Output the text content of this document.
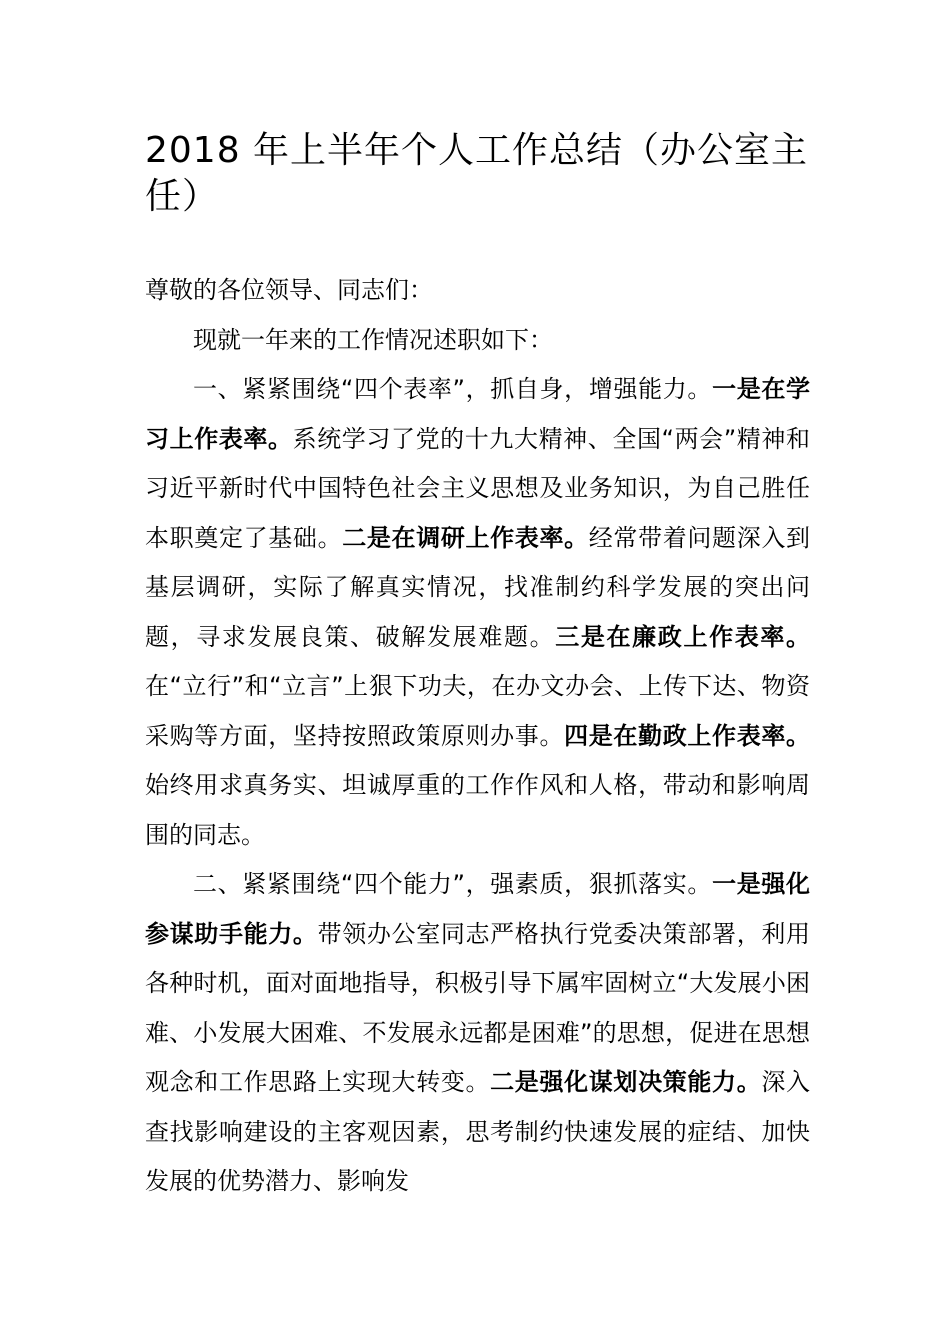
2018 年上半年个人工作总结（办公室主任）
尊敬的各位领导、同志们：

现就一年来的工作情况述职如下：

一、紧紧围绕“四个表率”，抓自身，增强能力。一是在学习上作表率。系统学习了党的十九大精神、全国“两会”精神和习近平新时代中国特色社会主义思想及业务知识，为自己胜任本职奠定了基础。二是在调研上作表率。经常带着问题深入到基层调研，实际了解真实情况，找准制约科学发展的突出问题，寻求发展良策、破解发展难题。三是在廉政上作表率。在“立行”和“立言”上狠下功夫，在办文办会、上传下达、物资采购等方面，坚持按照政策原则办事。四是在勤政上作表率。始终用求真务实、坦诚厚重的工作作风和人格，带动和影响周围的同志。

二、紧紧围绕“四个能力”，强素质，狠抓落实。一是强化参谋助手能力。带领办公室同志严格执行党委决策部署，利用各种时机，面对面地指导，积极引导下属牢固树立“大发展小困难、小发展大困难、不发展永远都是困难”的思想，促进在思想观念和工作思路上实现大转变。二是强化谋划决策能力。深入查找影响建设的主客观因素，思考制约快速发展的症结、加快发展的优势潜力、影响发
